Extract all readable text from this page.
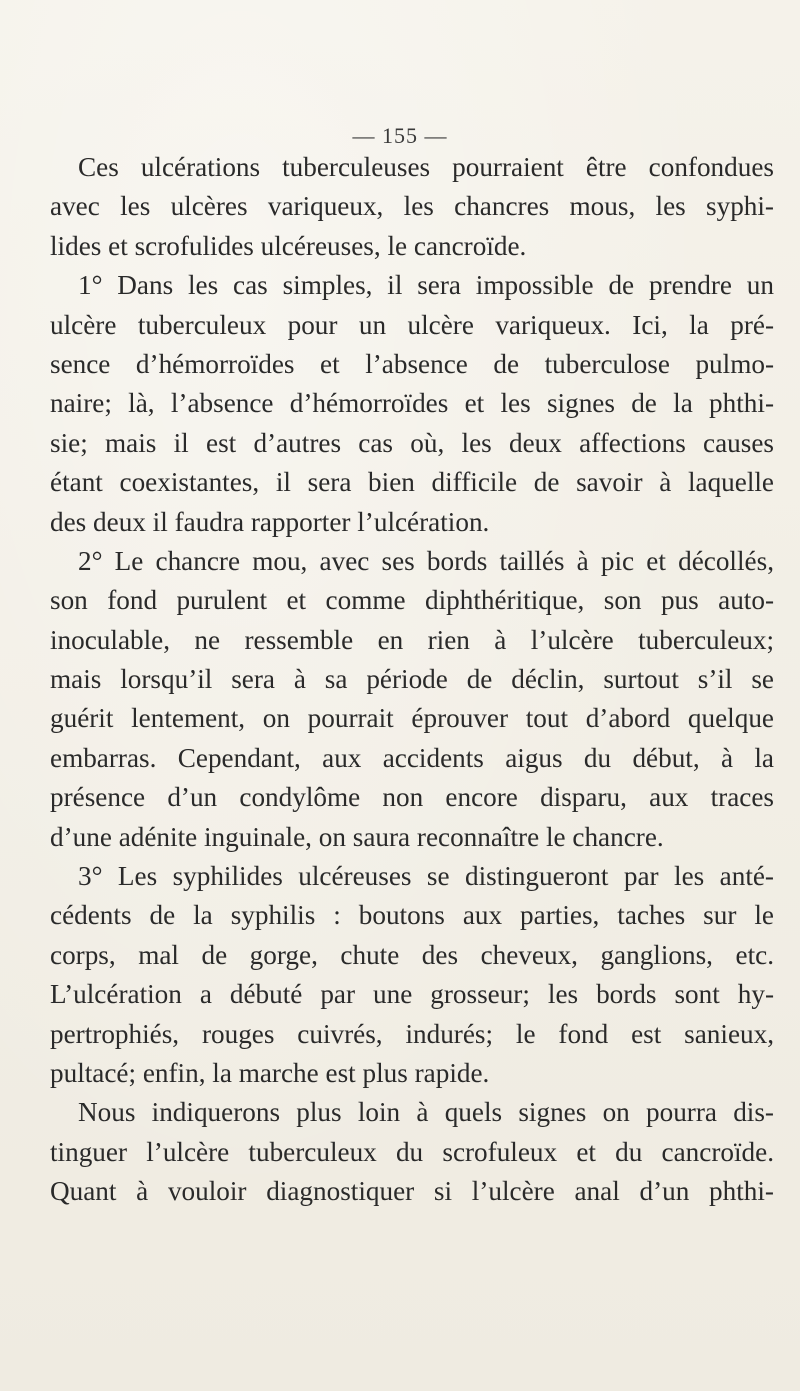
— 155 —
Ces ulcérations tuberculeuses pourraient être confondues
avec les ulcères variqueux, les chancres mous, les syphi-
lides et scrofulides ulcéreuses, le cancroïde.
1° Dans les cas simples, il sera impossible de prendre un
ulcère tuberculeux pour un ulcère variqueux. Ici, la pré-
sence d’hémorroïdes et l’absence de tuberculose pulmo-
naire; là, l’absence d’hémorroïdes et les signes de la phthi-
sie; mais il est d’autres cas où, les deux affections causes
étant coexistantes, il sera bien difficile de savoir à laquelle
des deux il faudra rapporter l’ulcération.
2° Le chancre mou, avec ses bords taillés à pic et décollés,
son fond purulent et comme diphthéritique, son pus auto-
inoculable, ne ressemble en rien à l’ulcère tuberculeux;
mais lorsqu’il sera à sa période de déclin, surtout s’il se
guérit lentement, on pourrait éprouver tout d’abord quelque
embarras. Cependant, aux accidents aigus du début, à la
présence d’un condylôme non encore disparu, aux traces
d’une adénite inguinale, on saura reconnaître le chancre.
3° Les syphilides ulcéreuses se distingueront par les anté-
cédents de la syphilis : boutons aux parties, taches sur le
corps, mal de gorge, chute des cheveux, ganglions, etc.
L’ulcération a débuté par une grosseur; les bords sont hy-
pertrophiés, rouges cuivrés, indurés; le fond est sanieux,
pultacé; enfin, la marche est plus rapide.
Nous indiquerons plus loin à quels signes on pourra dis-
tinguer l’ulcère tuberculeux du scrofuleux et du cancroïde.
Quant à vouloir diagnostiquer si l’ulcère anal d’un phthi-
